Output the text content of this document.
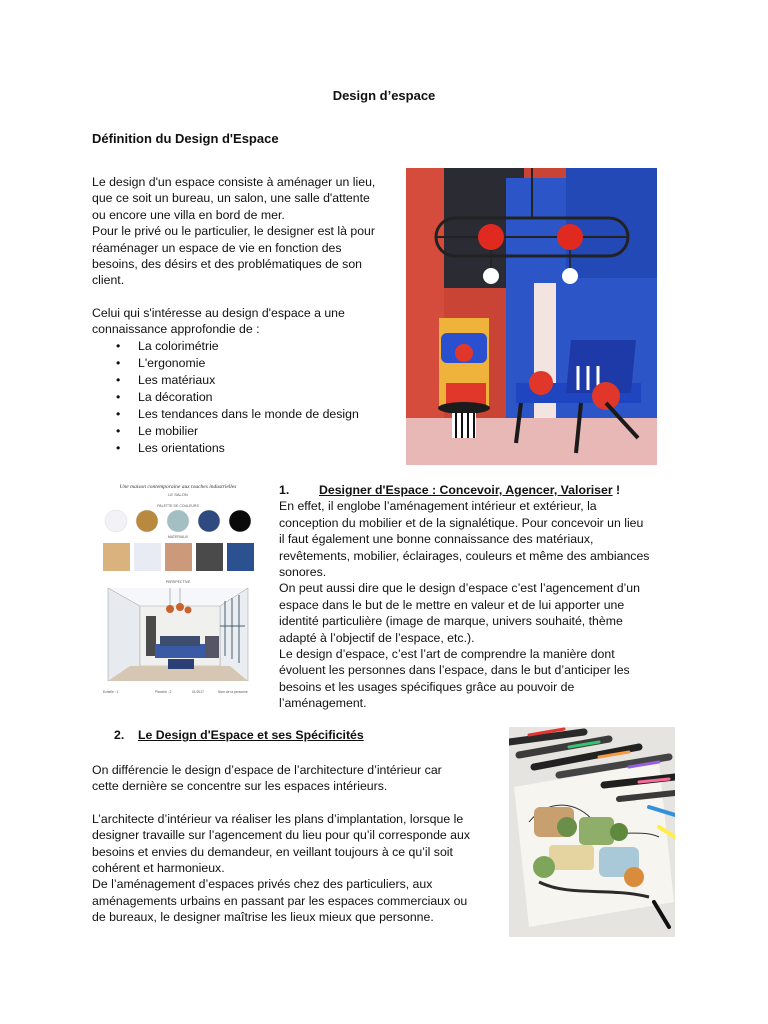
Design d’espace
Définition du Design d'Espace
Le design d'un espace consiste à aménager un lieu,
que ce soit un bureau, un salon, une salle d'attente
ou encore une villa en bord de mer.
Pour le privé ou le particulier, le designer est là pour
réaménager un espace de vie en fonction des
besoins, des désirs et des problématiques de son
client.
Celui qui s'intéresse au design d'espace a une
connaissance approfondie de :
• La colorimétrie
• L'ergonomie
• Les matériaux
• La décoration
• Les tendances dans le monde de design
• Le mobilier
• Les orientations
Une maison contemporaine aux touches industrielles
LE SALON
PALETTE DE COULEURS
MATERIAUX
PERSPECTIVE
Echelle : 1	Planche : 2	01/2017	Nom de la personne
1. Designer d'Espace : Concevoir, Agencer, Valoriser !
En effet, il englobe l’aménagement intérieur et extérieur, la
conception du mobilier et de la signalétique. Pour concevoir un lieu
il faut également une bonne connaissance des matériaux,
revêtements, mobilier, éclairages, couleurs et même des ambiances
sonores.
On peut aussi dire que le design d’espace c’est l’agencement d’un
espace dans le but de le mettre en valeur et de lui apporter une
identité particulière (image de marque, univers souhaité, thème
adapté à l’objectif de l’espace, etc.).
Le design d’espace, c’est l’art de comprendre la manière dont
évoluent les personnes dans l’espace, dans le but d’anticiper les
besoins et les usages spécifiques grâce au pouvoir de
l’aménagement.
2. Le Design d'Espace et ses Spécificités
On différencie le design d’espace de l’architecture d’intérieur car
cette dernière se concentre sur les espaces intérieurs.
L’architecte d’intérieur va réaliser les plans d’implantation, lorsque le
designer travaille sur l’agencement du lieu pour qu’il corresponde aux
besoins et envies du demandeur, en veillant toujours à ce qu’il soit
cohérent et harmonieux.
De l’aménagement d’espaces privés chez des particuliers, aux
aménagements urbains en passant par les espaces commerciaux ou
de bureaux, le designer maîtrise les lieux mieux que personne.
